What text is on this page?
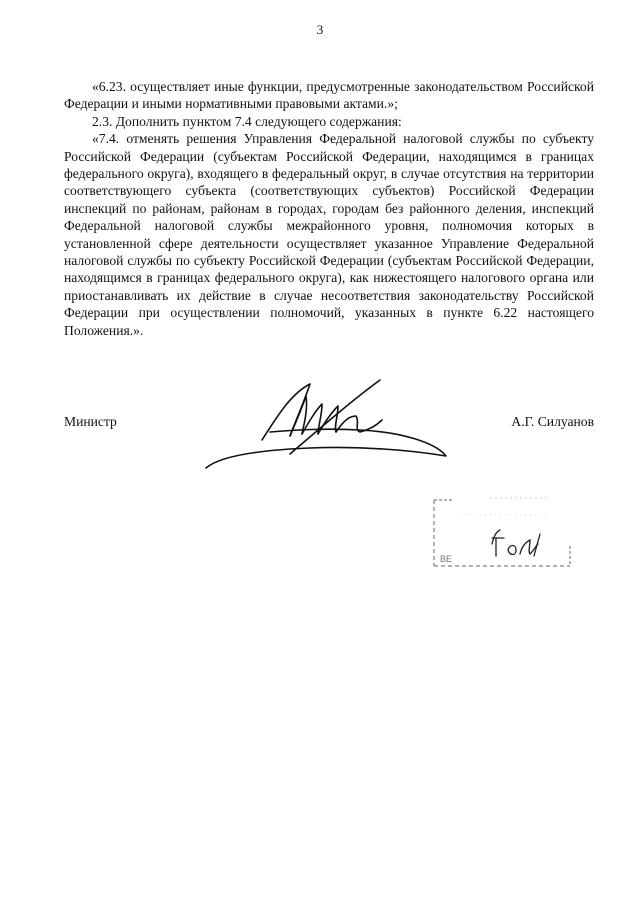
3

«6.23. осуществляет иные функции, предусмотренные законодательством Российской Федерации и иными нормативными правовыми актами.»;

2.3. Дополнить пунктом 7.4 следующего содержания:

«7.4. отменять решения Управления Федеральной налоговой службы по субъекту Российской Федерации (субъектам Российской Федерации, находящимся в границах федерального округа), входящего в федеральный округ, в случае отсутствия на территории соответствующего субъекта (соответствующих субъектов) Российской Федерации инспекций по районам, районам в городах, городам без районного деления, инспекций Федеральной налоговой службы межрайонного уровня, полномочия которых в установленной сфере деятельности осуществляет указанное Управление Федеральной налоговой службы по субъекту Российской Федерации (субъектам Российской Федерации, находящимся в границах федерального округа), как нижестоящего налогового органа или приостанавливать их действие в случае несоответствия законодательству Российской Федерации при осуществлении полномочий, указанных в пункте 6.22 настоящего Положения.».

Министр	А.Г. Силуанов
ВЕ
